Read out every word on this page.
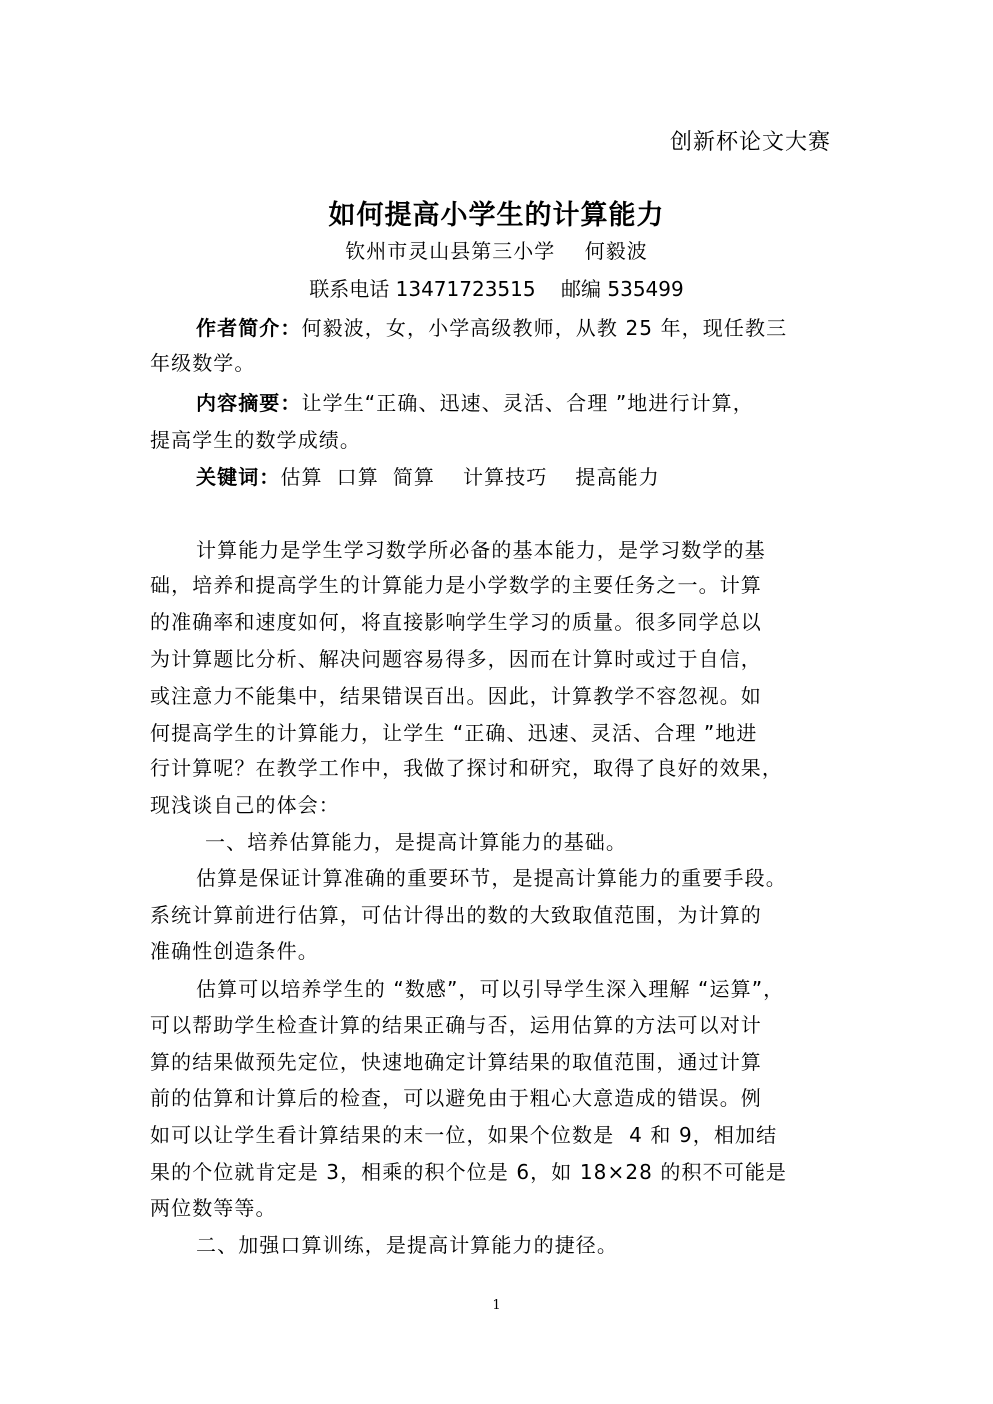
创新杯论文大赛
如何提高小学生的计算能力
钦州市灵山县第三小学    何毅波
联系电话 13471723515    邮编 535499
作者简介：何毅波，女，小学高级教师，从教 25 年，现任教三
年级数学。
内容摘要：让学生“正确、迅速、灵活、合理 ”地进行计算，
提高学生的数学成绩。
关键词：估算 口算 简算 计算技巧 提高能力
计算能力是学生学习数学所必备的基本能力，是学习数学的基
础，培养和提高学生的计算能力是小学数学的主要任务之一。计算
的准确率和速度如何，将直接影响学生学习的质量。很多同学总以
为计算题比分析、解决问题容易得多，因而在计算时或过于自信，
或注意力不能集中，结果错误百出。因此，计算教学不容忽视。如
何提高学生的计算能力，让学生 “正确、迅速、灵活、合理 ”地进
行计算呢？在教学工作中，我做了探讨和研究，取得了良好的效果，
现浅谈自己的体会：
一、培养估算能力，是提高计算能力的基础。
估算是保证计算准确的重要环节，是提高计算能力的重要手段。
系统计算前进行估算，可估计得出的数的大致取值范围，为计算的
准确性创造条件。
估算可以培养学生的 “数感”，可以引导学生深入理解 “运算”，
可以帮助学生检查计算的结果正确与否，运用估算的方法可以对计
算的结果做预先定位，快速地确定计算结果的取值范围，通过计算
前的估算和计算后的检查，可以避免由于粗心大意造成的错误。例
如可以让学生看计算结果的末一位，如果个位数是  4 和 9，相加结
果的个位就肯定是 3，相乘的积个位是 6，如 18×28 的积不可能是
两位数等等。
二、加强口算训练，是提高计算能力的捷径。
1
